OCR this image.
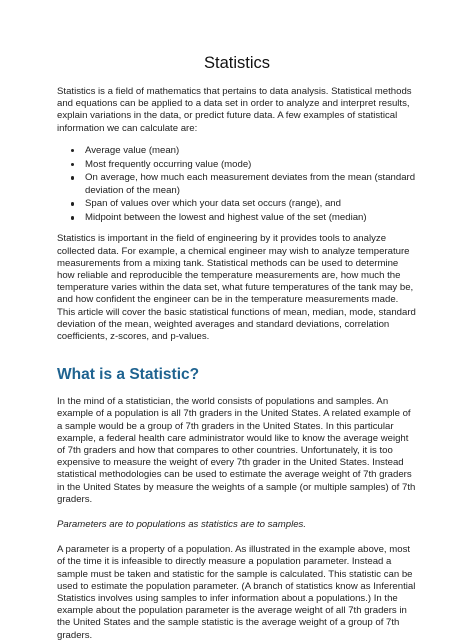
Statistics

Statistics is a field of mathematics that pertains to data analysis. Statistical methods and equations can be applied to a data set in order to analyze and interpret results, explain variations in the data, or predict future data. A few examples of statistical information we can calculate are:

Average value (mean)
Most frequently occurring value (mode)
On average, how much each measurement deviates from the mean (standard deviation of the mean)
Span of values over which your data set occurs (range), and
Midpoint between the lowest and highest value of the set (median)

Statistics is important in the field of engineering by it provides tools to analyze collected data. For example, a chemical engineer may wish to analyze temperature measurements from a mixing tank. Statistical methods can be used to determine how reliable and reproducible the temperature measurements are, how much the temperature varies within the data set, what future temperatures of the tank may be, and how confident the engineer can be in the temperature measurements made. This article will cover the basic statistical functions of mean, median, mode, standard deviation of the mean, weighted averages and standard deviations, correlation coefficients, z-scores, and p-values.

What is a Statistic?

In the mind of a statistician, the world consists of populations and samples. An example of a population is all 7th graders in the United States. A related example of a sample would be a group of 7th graders in the United States. In this particular example, a federal health care administrator would like to know the average weight of 7th graders and how that compares to other countries. Unfortunately, it is too expensive to measure the weight of every 7th grader in the United States. Instead statistical methodologies can be used to estimate the average weight of 7th graders in the United States by measure the weights of a sample (or multiple samples) of 7th graders.

Parameters are to populations as statistics are to samples.

A parameter is a property of a population. As illustrated in the example above, most of the time it is infeasible to directly measure a population parameter. Instead a sample must be taken and statistic for the sample is calculated. This statistic can be used to estimate the population parameter. (A branch of statistics know as Inferential Statistics involves using samples to infer information about a populations.) In the example about the population parameter is the average weight of all 7th graders in the United States and the sample statistic is the average weight of a group of 7th graders.
